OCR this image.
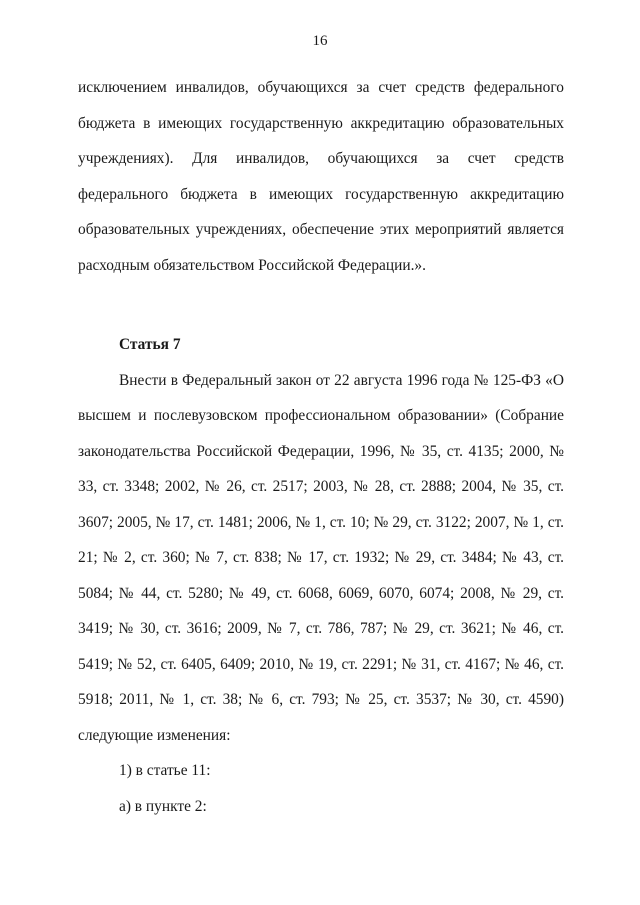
16

исключением инвалидов, обучающихся за счет средств федерального бюджета в имеющих государственную аккредитацию образовательных учреждениях). Для инвалидов, обучающихся за счет средств федерального бюджета в имеющих государственную аккредитацию образовательных учреждениях, обеспечение этих мероприятий является расходным обязательством Российской Федерации.».

Статья 7

Внести в Федеральный закон от 22 августа 1996 года № 125-ФЗ «О высшем и послевузовском профессиональном образовании» (Собрание законодательства Российской Федерации, 1996, № 35, ст. 4135; 2000, № 33, ст. 3348; 2002, № 26, ст. 2517; 2003, № 28, ст. 2888; 2004, № 35, ст. 3607; 2005, № 17, ст. 1481; 2006, № 1, ст. 10; № 29, ст. 3122; 2007, № 1, ст. 21; № 2, ст. 360; № 7, ст. 838; № 17, ст. 1932; № 29, ст. 3484; № 43, ст. 5084; № 44, ст. 5280; № 49, ст. 6068, 6069, 6070, 6074; 2008, № 29, ст. 3419; № 30, ст. 3616; 2009, № 7, ст. 786, 787; № 29, ст. 3621; № 46, ст. 5419; № 52, ст. 6405, 6409; 2010, № 19, ст. 2291; № 31, ст. 4167; № 46, ст. 5918; 2011, № 1, ст. 38; № 6, ст. 793; № 25, ст. 3537; № 30, ст. 4590) следующие изменения:

1) в статье 11:

а) в пункте 2:
